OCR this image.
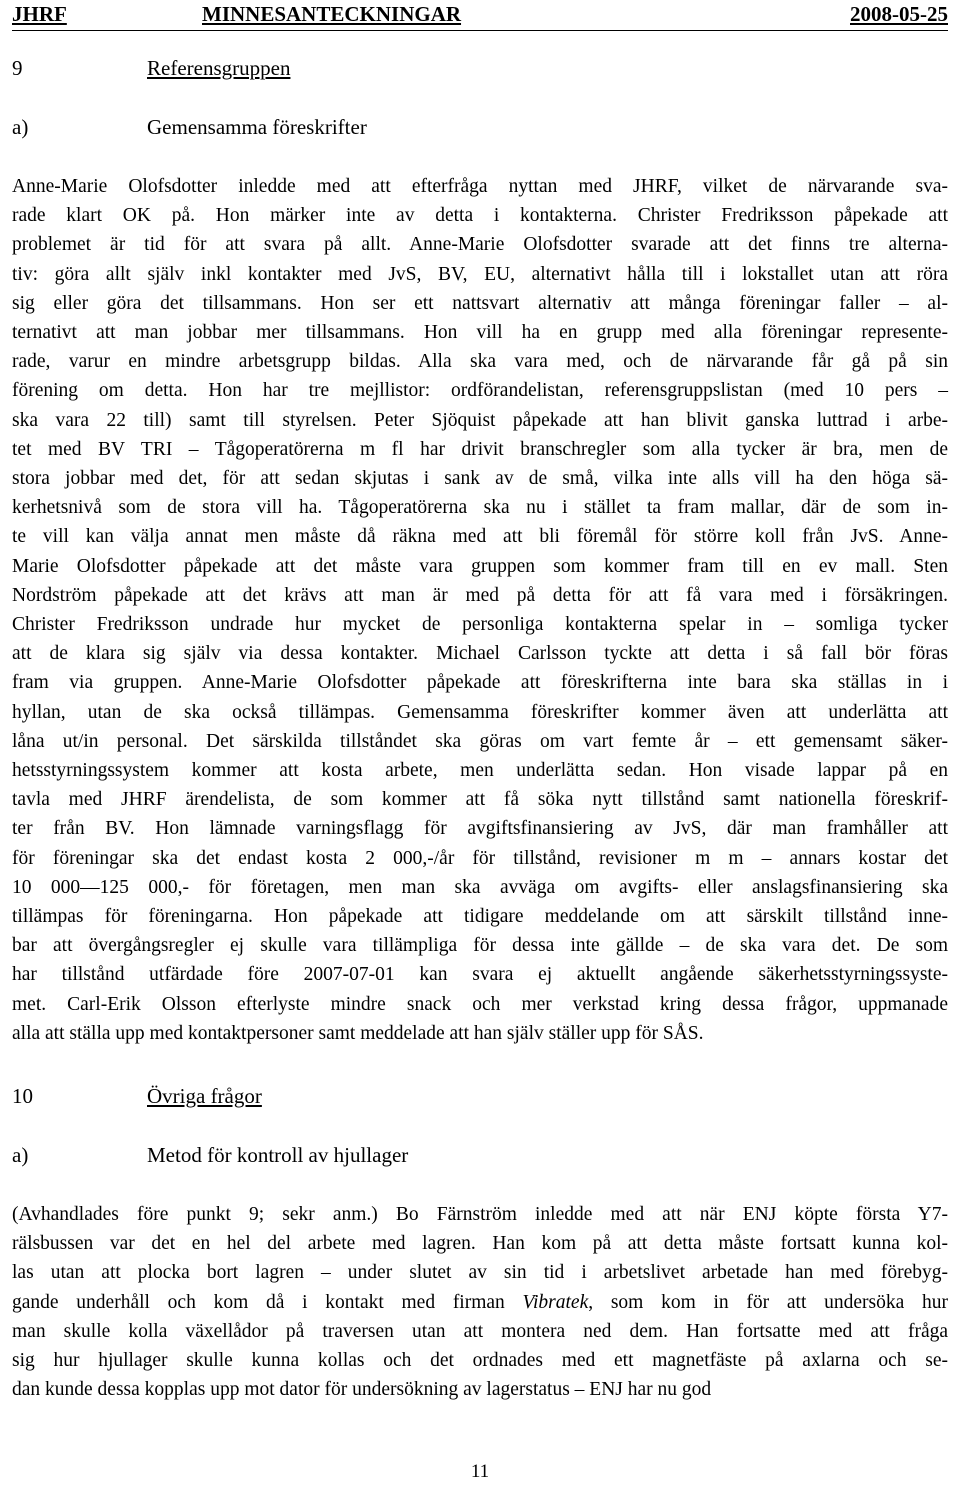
JHRF	MINNESANTECKNINGAR	2008-05-25
9	Referensgruppen
a)	Gemensamma föreskrifter
Anne-Marie Olofsdotter inledde med att efterfråga nyttan med JHRF, vilket de närvarande sva-
rade klart OK på. Hon märker inte av detta i kontakterna. Christer Fredriksson påpekade att
problemet är tid för att svara på allt. Anne-Marie Olofsdotter svarade att det finns tre alterna-
tiv: göra allt själv inkl kontakter med JvS, BV, EU, alternativt hålla till i lokstallet utan att röra
sig eller göra det tillsammans. Hon ser ett nattsvart alternativ att många föreningar faller – al-
ternativt att man jobbar mer tillsammans. Hon vill ha en grupp med alla föreningar represente-
rade, varur en mindre arbetsgrupp bildas. Alla ska vara med, och de närvarande får gå på sin
förening om detta. Hon har tre mejllistor: ordförandelistan, referensgruppslistan (med 10 pers –
ska vara 22 till) samt till styrelsen. Peter Sjöquist påpekade att han blivit ganska luttrad i arbe-
tet med BV TRI – Tågoperatörerna m fl har drivit branschregler som alla tycker är bra, men de
stora jobbar med det, för att sedan skjutas i sank av de små, vilka inte alls vill ha den höga sä-
kerhetsnivå som de stora vill ha. Tågoperatörerna ska nu i stället ta fram mallar, där de som in-
te vill kan välja annat men måste då räkna med att bli föremål för större koll från JvS. Anne-
Marie Olofsdotter påpekade att det måste vara gruppen som kommer fram till en ev mall. Sten
Nordström påpekade att det krävs att man är med på detta för att få vara med i försäkringen.
Christer Fredriksson undrade hur mycket de personliga kontakterna spelar in – somliga tycker
att de klara sig själv via dessa kontakter. Michael Carlsson tyckte att detta i så fall bör föras
fram via gruppen. Anne-Marie Olofsdotter påpekade att föreskrifterna inte bara ska ställas in i
hyllan, utan de ska också tillämpas. Gemensamma föreskrifter kommer även att underlätta att
låna ut/in personal. Det särskilda tillståndet ska göras om vart femte år – ett gemensamt säker-
hetsstyrningssystem kommer att kosta arbete, men underlätta sedan. Hon visade lappar på en
tavla med JHRF ärendelista, de som kommer att få söka nytt tillstånd samt nationella föreskrif-
ter från BV. Hon lämnade varningsflagg för avgiftsfinansiering av JvS, där man framhåller att
för föreningar ska det endast kosta 2 000,-/år för tillstånd, revisioner m m – annars kostar det
10 000—125 000,- för företagen, men man ska avväga om avgifts- eller anslagsfinansiering ska
tillämpas för föreningarna. Hon påpekade att tidigare meddelande om att särskilt tillstånd inne-
bar att övergångsregler ej skulle vara tillämpliga för dessa inte gällde – de ska vara det. De som
har tillstånd utfärdade före 2007-07-01 kan svara ej aktuellt angående säkerhetsstyrningssyste-
met. Carl-Erik Olsson efterlyste mindre snack och mer verkstad kring dessa frågor, uppmanade
alla att ställa upp med kontaktpersoner samt meddelade att han själv ställer upp för SÅS.
10	Övriga frågor
a)	Metod för kontroll av hjullager
(Avhandlades före punkt 9; sekr anm.) Bo Färnström inledde med att när ENJ köpte första Y7-
rälsbussen var det en hel del arbete med lagren. Han kom på att detta måste fortsatt kunna kol-
las utan att plocka bort lagren – under slutet av sin tid i arbetslivet arbetade han med förebyg-
gande underhåll och kom då i kontakt med firman Vibratek, som kom in för att undersöka hur
man skulle kolla växellådor på traversen utan att montera ned dem. Han fortsatte med att fråga
sig hur hjullager skulle kunna kollas och det ordnades med ett magnetfäste på axlarna och se-
dan kunde dessa kopplas upp mot dator för undersökning av lagerstatus – ENJ har nu god
11
